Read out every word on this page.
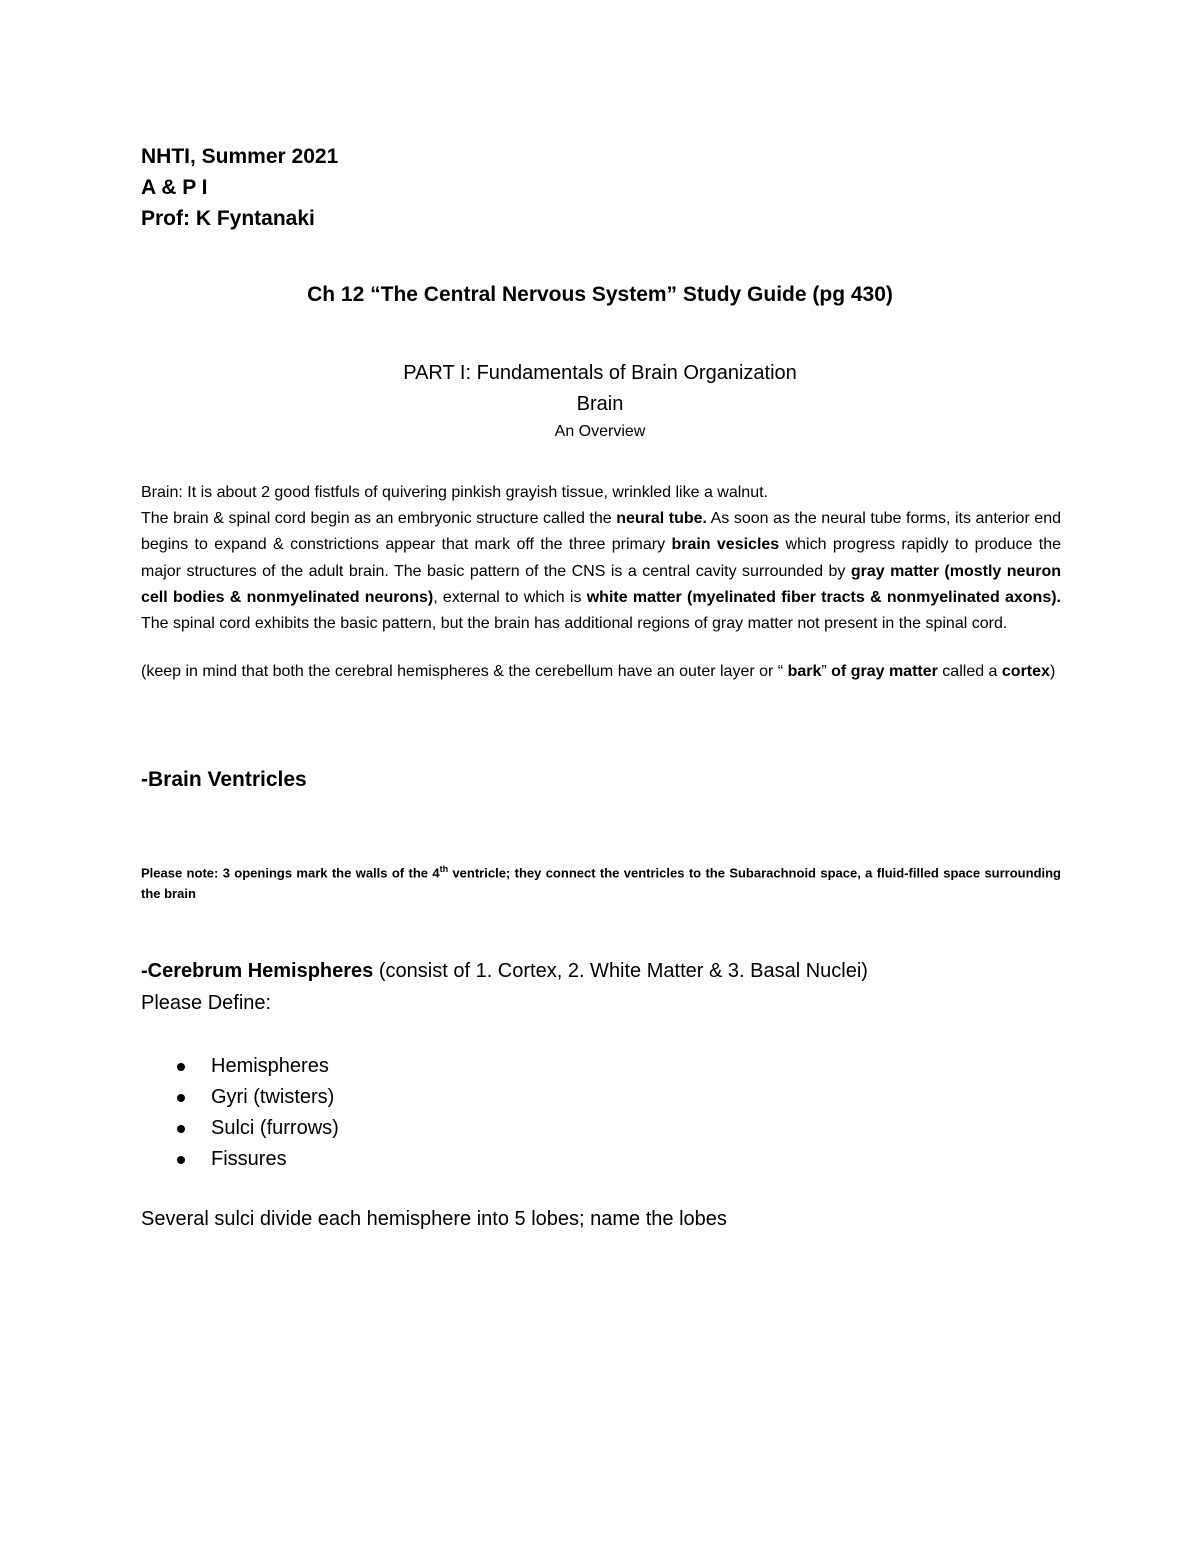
NHTI, Summer 2021
A & P I
Prof: K Fyntanaki
Ch 12 “The Central Nervous System” Study Guide (pg 430)
PART I: Fundamentals of Brain Organization
Brain
An Overview

Brain: It is about 2 good fistfuls of quivering pinkish grayish tissue, wrinkled like a walnut.

The brain & spinal cord begin as an embryonic structure called the neural tube. As soon as the neural tube forms, its anterior end begins to expand & constrictions appear that mark off the three primary brain vesicles which progress rapidly to produce the major structures of the adult brain. The basic pattern of the CNS is a central cavity surrounded by gray matter (mostly neuron cell bodies & nonmyelinated neurons), external to which is white matter (myelinated fiber tracts & nonmyelinated axons). The spinal cord exhibits the basic pattern, but the brain has additional regions of gray matter not present in the spinal cord.

(keep in mind that both the cerebral hemispheres & the cerebellum have an outer layer or “ bark” of gray matter called a cortex)

-Brain Ventricles

Please note: 3 openings mark the walls of the 4th ventricle; they connect the ventricles to the Subarachnoid space, a fluid-filled space surrounding the brain

-Cerebrum Hemispheres (consist of 1. Cortex, 2. White Matter & 3. Basal Nuclei)
Please Define:
Hemispheres
Gyri (twisters)
Sulci (furrows)
Fissures
Several sulci divide each hemisphere into 5 lobes; name the lobes
